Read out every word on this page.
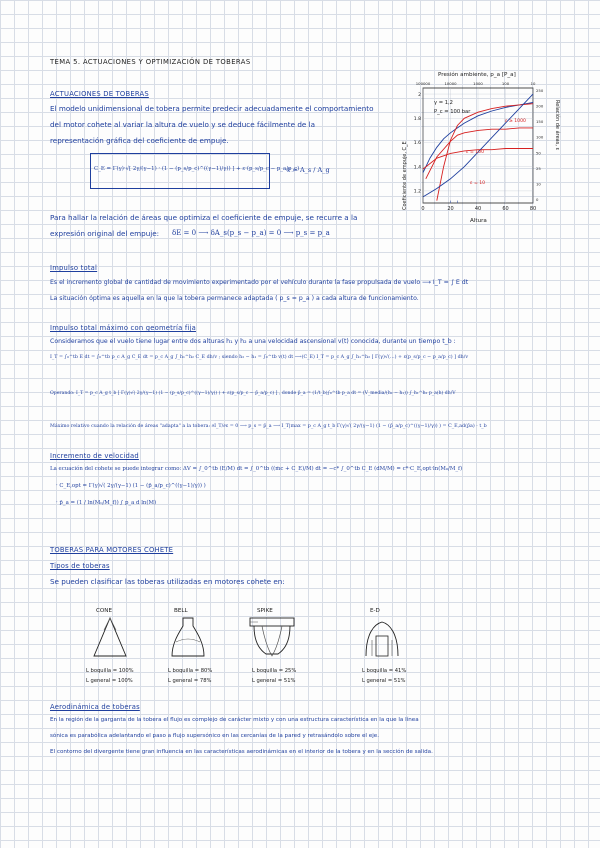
TEMA 5. ACTUACIONES Y OPTIMIZACIÓN DE TOBERAS
ACTUACIONES DE TOBERAS
El modelo unidimensional de tobera permite predecir adecuadamente el comportamiento
del motor cohete al variar la altura de vuelo y se deduce fácilmente de la
representación gráfica del coeficiente de empuje.
C_E = Γ(γ)·√[ 2γ/(γ−1) · (1 − (p_s/p_c)^((γ−1)/γ)) ] + ε·(p_s/p_c − p_a/p_c)
ε = A_s / A_g
Para hallar la relación de áreas que optimiza el coeficiente de empuje, se recurre a la
expresión original del empuje: δE = 0 ⟶ δA_s(p_s − p_a) = 0 ⟶ p_s = p_a
Presión ambiente, p_a [P_a]
0	20	40	60	80
1.2
1.4
1.6
1.8
2
100000	10000	1000	100	10
250
200
150
100
50
25
10
0
Altura
Coeficiente de empuje, C_E
Relación de áreas, ε
γ = 1,2
P_c = 100 bar
ε ≥ 1000
ε = 100
ε = 10
Impulso total
Es el incremento global de cantidad de movimiento experimentado por el vehículo durante la fase propulsada de vuelo ⟶ I_T = ∫ E dt
La situación óptima es aquella en la que la tobera permanece adaptada ( p_s = p_a ) a cada altura de funcionamiento.
Impulso total máximo con geometría fija
Consideramos que el vuelo tiene lugar entre dos alturas h₁ y h₂ a una velocidad ascensional v(t) conocida, durante un tiempo t_b :
I_T = ∫₀^tb E dt = ∫₀^tb p_c A_g C_E dt = p_c A_g ∫_h₁^h₂ C_E dh/v ; siendo h₂ − h₁ = ∫₀^tb v(t) dt ⟶(C_E) I_T = p_c A_g ∫_h₁^h₂ [ Γ(γ)√(…) + ε(p_s/p_c − p_a/p_c) ] dh/v
Operando: I_T = p_c A_g t_b [ Γ(γ)√( 2γ/(γ−1) (1 − (p_s/p_c)^((γ−1)/γ)) ) + ε(p_s/p_c − p̄_a/p_c) ] , donde p̄_a = (1/t_b)∫₀^tb p_a dt = (V_media/(h₂ − h₁)) ∫_h₁^h₂ p_a(h) dh/V
Máximo relativo cuando la relación de áreas "adapta" a la tobera: ∂I_T/∂ε = 0 ⟶ p_s = p̄_a ⟶ I_T|max = p_c A_g t_b Γ(γ)√( 2γ/(γ−1) (1 − (p̄_a/p_c)^((γ−1)/γ)) ) = C_E,ad(p̄a) · t_b
Incremento de velocidad
La ecuación del cohete se puede integrar como: ΔV = ∫_0^tb (E/M) dt = ∫_0^tb ((ṁc + C_E)/M) dt = −c* ∫_0^tb C_E (dM/M) = c*·C_E,opt·ln(M₀/M_f)
· C_E,opt = Γ(γ)√( 2γ/(γ−1) (1 − (p̄_a/p_c)^((γ−1)/γ)) )
· p̄_a = (1 / ln(M₀/M_f)) ∫ p_a d ln(M)
TOBERAS PARA MOTORES COHETE
Tipos de toberas
Se pueden clasificar las toberas utilizadas en motores cohete en:
CONE	BELL	SPIKE	E-D
L boquilla = 100%
L general = 100%
L boquilla = 80%
L general = 78%
L boquilla = 25%
L general = 51%
L boquilla = 41%
L general = 51%
Aerodinámica de toberas
En la región de la garganta de la tobera el flujo es complejo de carácter mixto y con una estructura característica en la que la línea
sónica es parabólica adelantando el paso a flujo supersónico en las cercanías de la pared y retrasándolo sobre el eje.
El contorno del divergente tiene gran influencia en las características aerodinámicas en el interior de la tobera y en la sección de salida.
